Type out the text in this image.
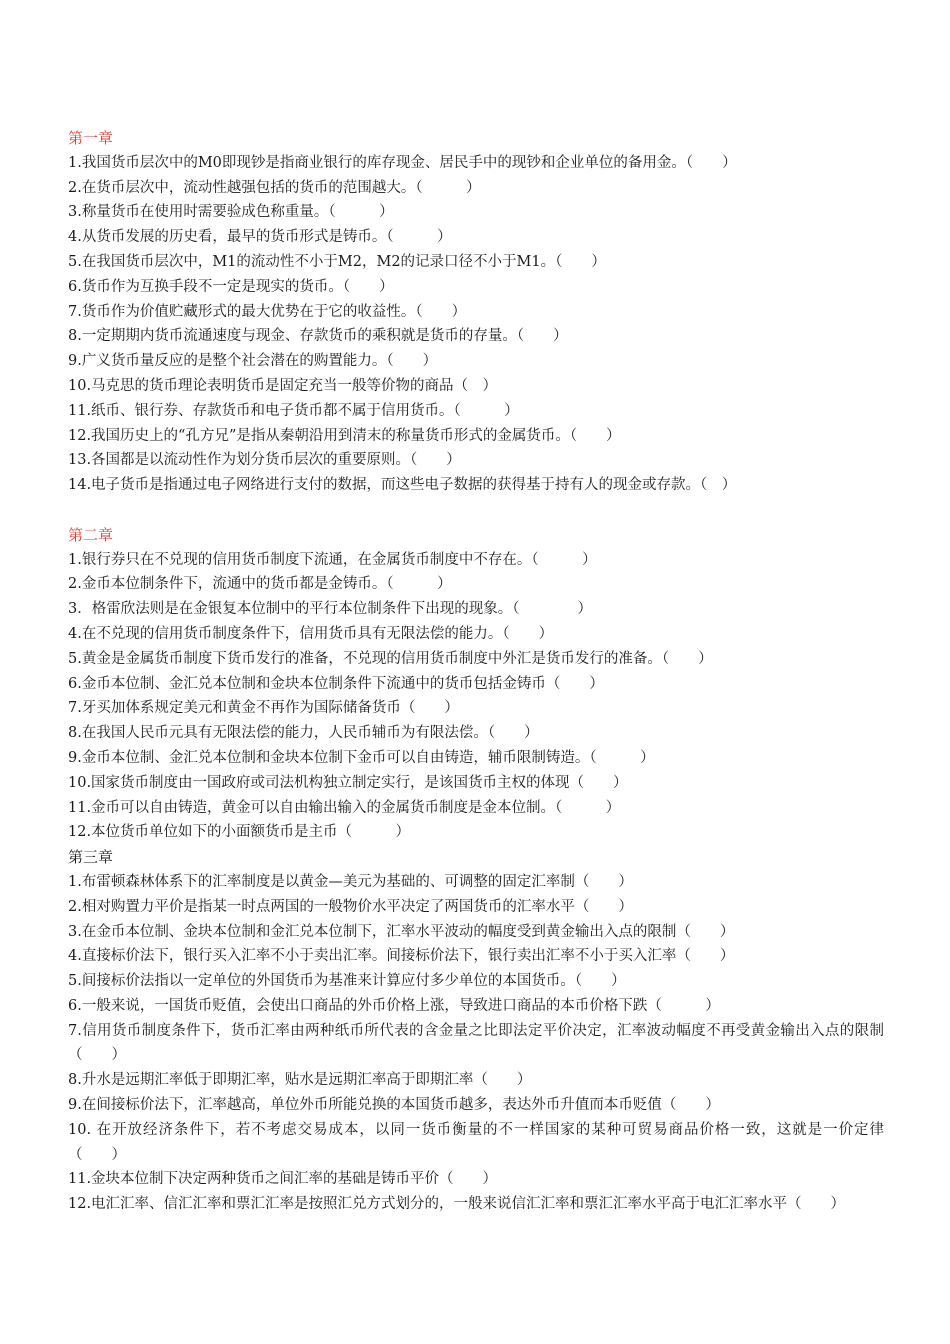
第一章
1.我国货币层次中的M0即现钞是指商业银行的库存现金、居民手中的现钞和企业单位的备用金。（　　）
2.在货币层次中，流动性越强包括的货币的范围越大。（　　　）
3.称量货币在使用时需要验成色称重量。（　　　）
4.从货币发展的历史看，最早的货币形式是铸币。（　　　）
5.在我国货币层次中，M1的流动性不小于M2，M2的记录口径不小于M1。（　　）
6.货币作为互换手段不一定是现实的货币。（　　）
7.货币作为价值贮藏形式的最大优势在于它的收益性。（　　）
8.一定期期内货币流通速度与现金、存款货币的乘积就是货币的存量。（　　）
9.广义货币量反应的是整个社会潜在的购置能力。（　　）
10.马克思的货币理论表明货币是固定充当一般等价物的商品（　）
11.纸币、银行券、存款货币和电子货币都不属于信用货币。（　　　）
12.我国历史上的“孔方兄”是指从秦朝沿用到清末的称量货币形式的金属货币。（　　）
13.各国都是以流动性作为划分货币层次的重要原则。（　　）
14.电子货币是指通过电子网络进行支付的数据，而这些电子数据的获得基于持有人的现金或存款。（　）
第二章
1.银行券只在不兑现的信用货币制度下流通，在金属货币制度中不存在。（　　　）
2.金币本位制条件下，流通中的货币都是金铸币。（　　　）
3．格雷欣法则是在金银复本位制中的平行本位制条件下出现的现象。（　　　　）
4.在不兑现的信用货币制度条件下，信用货币具有无限法偿的能力。（　　）
5.黄金是金属货币制度下货币发行的准备，不兑现的信用货币制度中外汇是货币发行的准备。（　　）
6.金币本位制、金汇兑本位制和金块本位制条件下流通中的货币包括金铸币（　　）
7.牙买加体系规定美元和黄金不再作为国际储备货币（　　）
8.在我国人民币元具有无限法偿的能力，人民币辅币为有限法偿。（　　）
9.金币本位制、金汇兑本位制和金块本位制下金币可以自由铸造，辅币限制铸造。（　　　）
10.国家货币制度由一国政府或司法机构独立制定实行，是该国货币主权的体现（　　）
11.金币可以自由铸造，黄金可以自由输出输入的金属货币制度是金本位制。（　　　）
12.本位货币单位如下的小面额货币是主币（　　　）
第三章
1.布雷顿森林体系下的汇率制度是以黄金—美元为基础的、可调整的固定汇率制（　　）
2.相对购置力平价是指某一时点两国的一般物价水平决定了两国货币的汇率水平（　　）
3.在金币本位制、金块本位制和金汇兑本位制下，汇率水平波动的幅度受到黄金输出入点的限制（　　）
4.直接标价法下，银行买入汇率不小于卖出汇率。间接标价法下，银行卖出汇率不小于买入汇率（　　）
5.间接标价法指以一定单位的外国货币为基准来计算应付多少单位的本国货币。（　　）
6.一般来说，一国货币贬值，会使出口商品的外币价格上涨，导致进口商品的本币价格下跌（　　　）
7.信用货币制度条件下，货币汇率由两种纸币所代表的含金量之比即法定平价决定，汇率波动幅度不再受黄金输出入点的限制（　　）
8.升水是远期汇率低于即期汇率，贴水是远期汇率高于即期汇率（　　）
9.在间接标价法下，汇率越高，单位外币所能兑换的本国货币越多，表达外币升值而本币贬值（　　）
10. 在开放经济条件下，若不考虑交易成本，以同一货币衡量的不一样国家的某种可贸易商品价格一致，这就是一价定律（　　）
11.金块本位制下决定两种货币之间汇率的基础是铸币平价（　　）
12.电汇汇率、信汇汇率和票汇汇率是按照汇兑方式划分的，一般来说信汇汇率和票汇汇率水平高于电汇汇率水平（　　）
